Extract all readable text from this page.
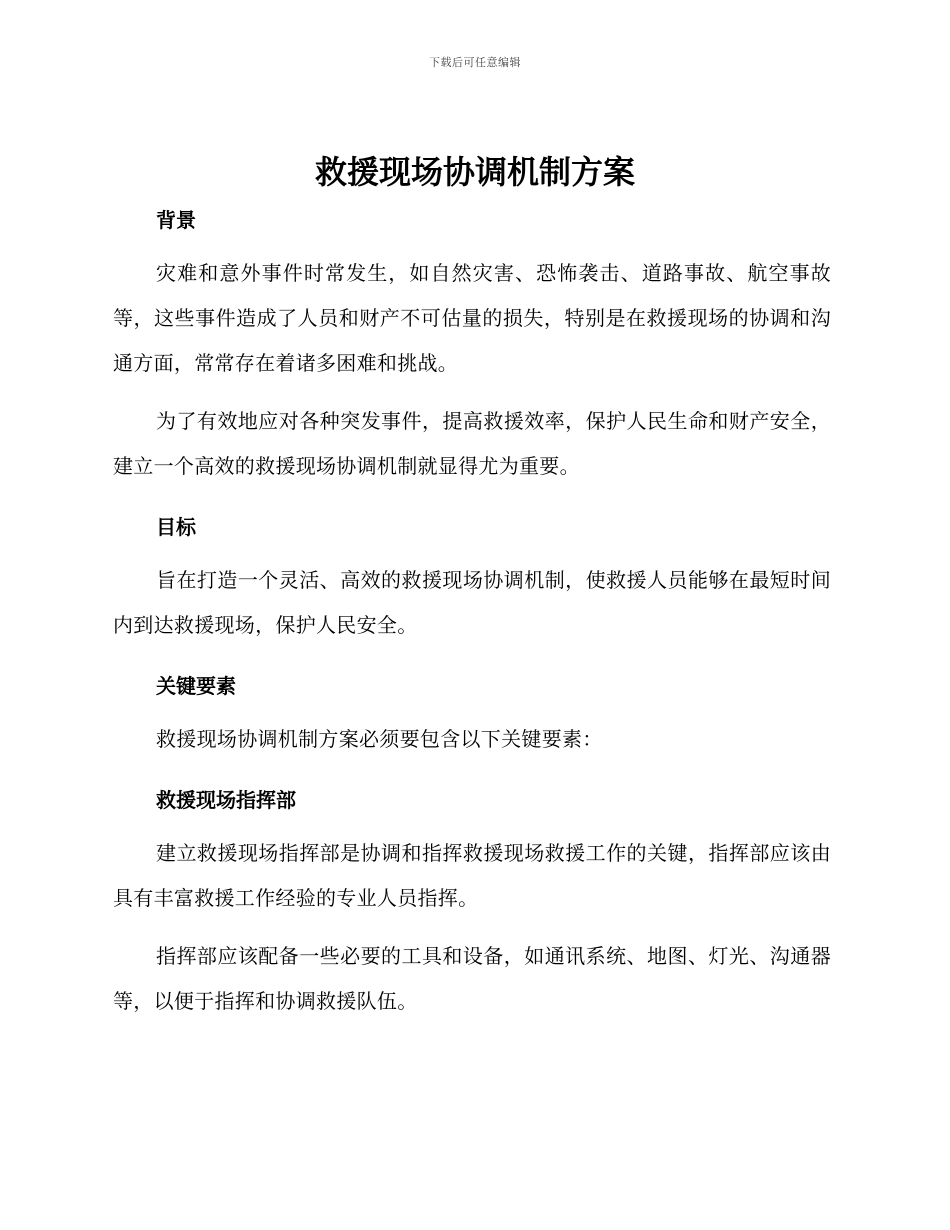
下载后可任意编辑
救援现场协调机制方案
背景

灾难和意外事件时常发生，如自然灾害、恐怖袭击、道路事故、航空事故等，这些事件造成了人员和财产不可估量的损失，特别是在救援现场的协调和沟通方面，常常存在着诸多困难和挑战。

为了有效地应对各种突发事件，提高救援效率，保护人民生命和财产安全，建立一个高效的救援现场协调机制就显得尤为重要。

目标

旨在打造一个灵活、高效的救援现场协调机制，使救援人员能够在最短时间内到达救援现场，保护人民安全。

关键要素

救援现场协调机制方案必须要包含以下关键要素：

救援现场指挥部

建立救援现场指挥部是协调和指挥救援现场救援工作的关键，指挥部应该由具有丰富救援工作经验的专业人员指挥。

指挥部应该配备一些必要的工具和设备，如通讯系统、地图、灯光、沟通器等，以便于指挥和协调救援队伍。
